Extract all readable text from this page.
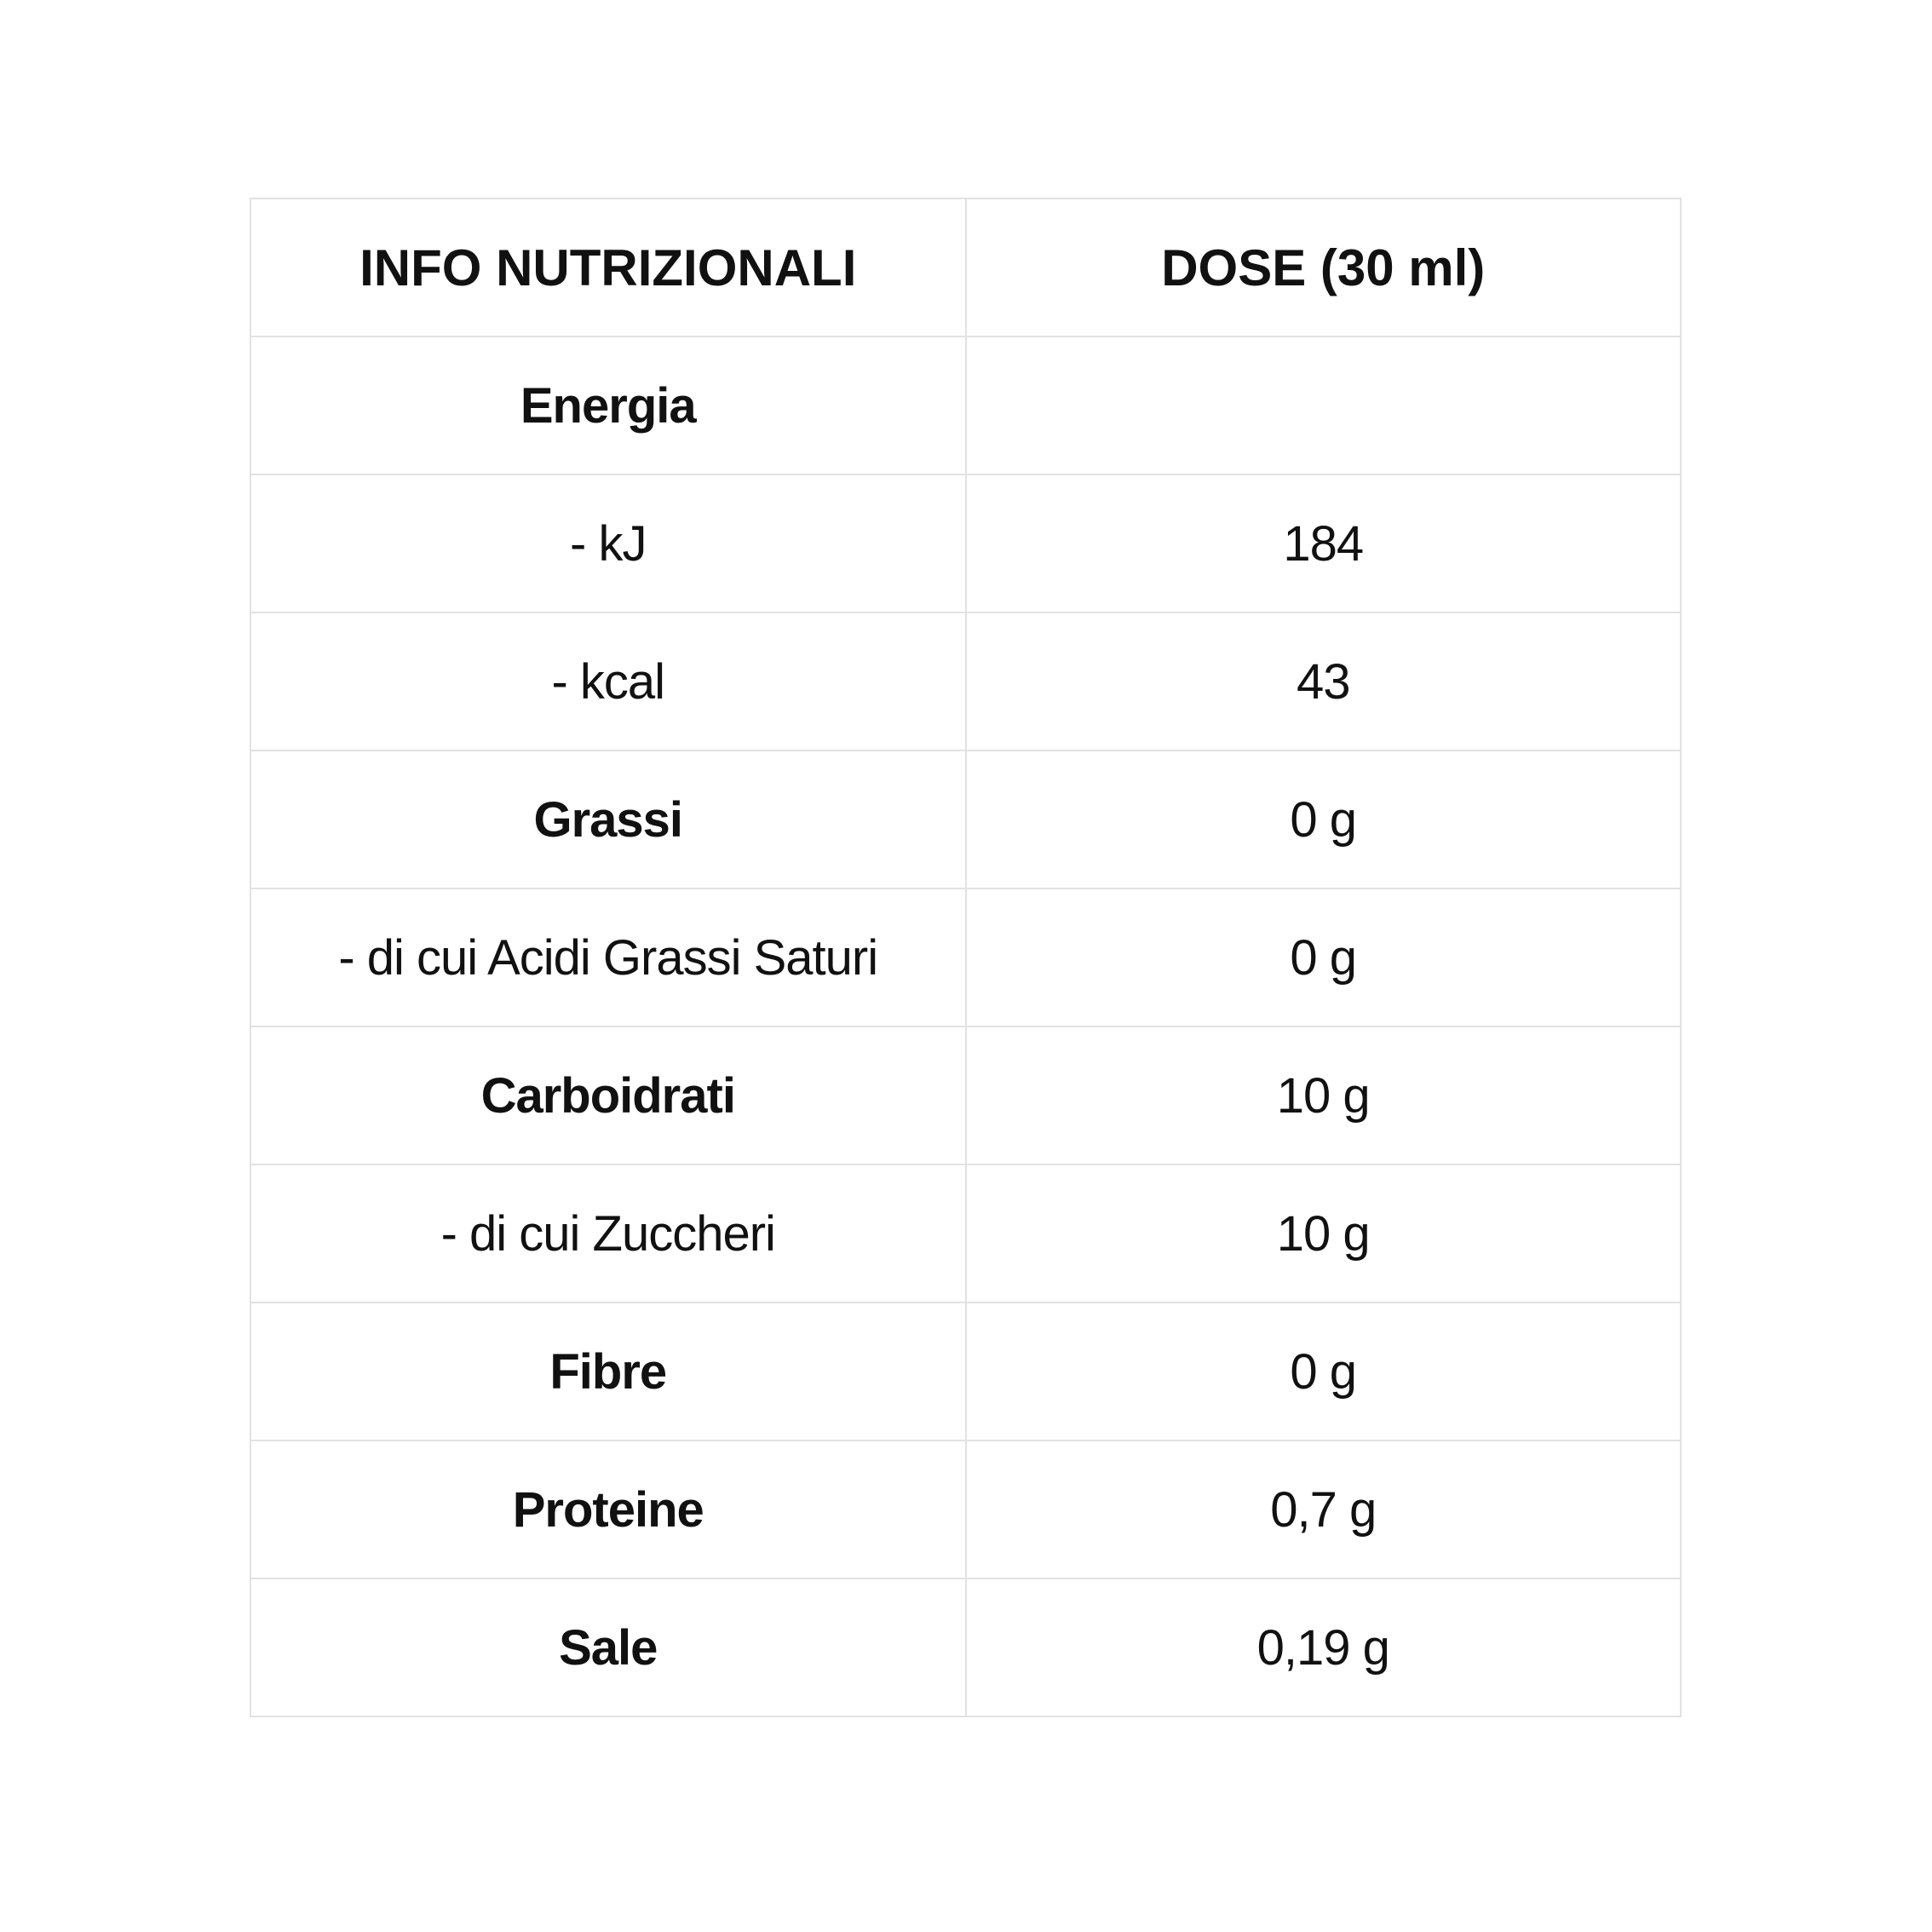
INFO NUTRIZIONALI	DOSE (30 ml)
Energia	
- kJ	184
- kcal	43
Grassi	0 g
- di cui Acidi Grassi Saturi	0 g
Carboidrati	10 g
- di cui Zuccheri	10 g
Fibre	0 g
Proteine	0,7 g
Sale	0,19 g
